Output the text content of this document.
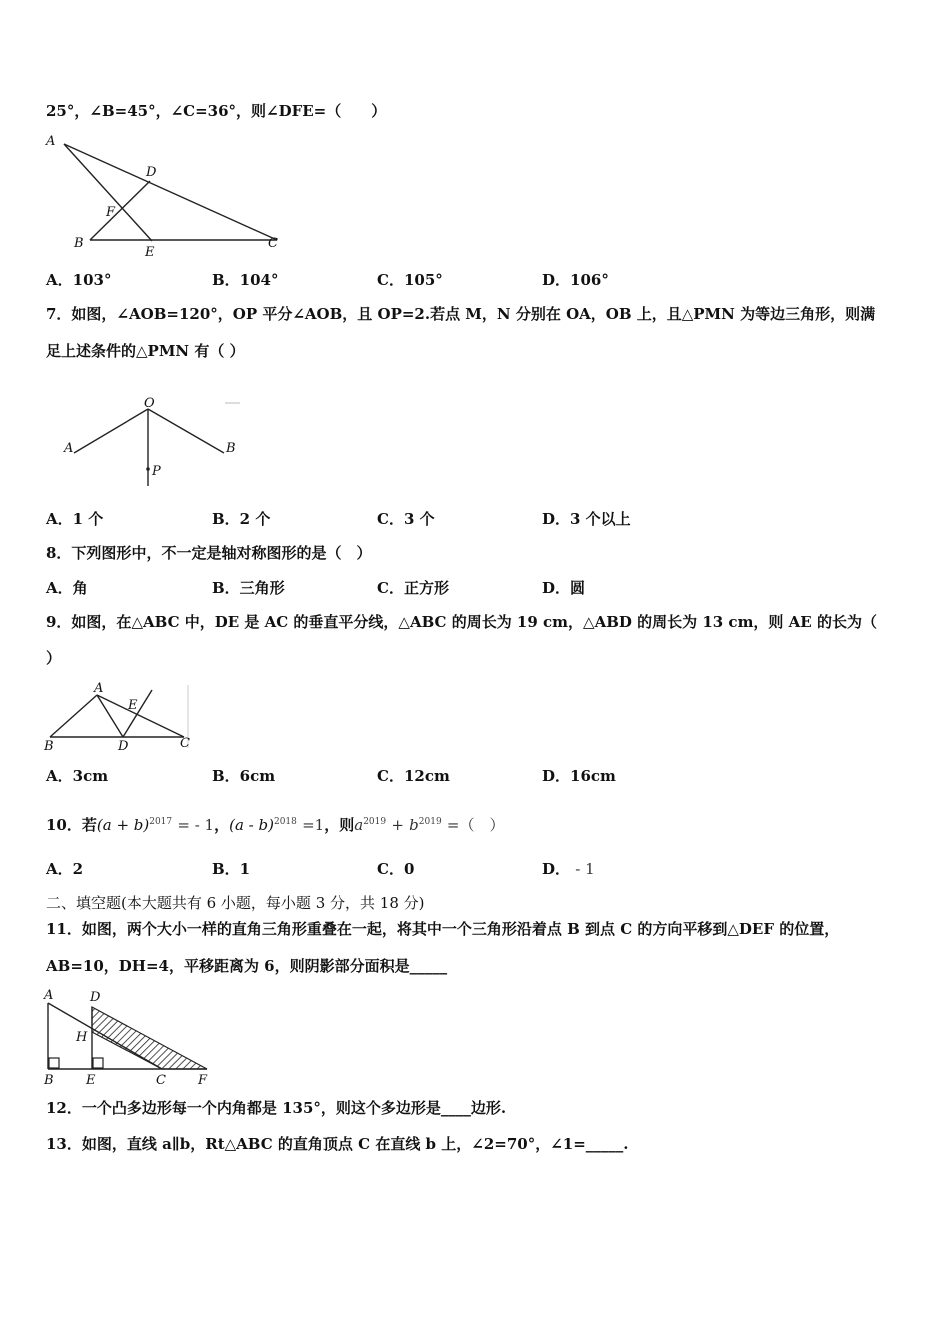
25°，∠B=45°，∠C=36°，则∠DFE=（　　）
A
D
F
B
E
C
A．103°	B．104°	C．105°	D．106°
7．如图，∠AOB=120°，OP 平分∠AOB，且 OP=2.若点 M，N 分别在 OA，OB 上，且△PMN 为等边三角形，则满
足上述条件的△PMN 有（ ）
O
A	B
P
A．1 个	B．2 个	C．3 个	D．3 个以上
8．下列图形中，不一定是轴对称图形的是（　）
A．角	B．三角形	C．正方形	D．圆
9．如图，在△ABC 中，DE 是 AC 的垂直平分线，△ABC 的周长为 19 cm，△ABD 的周长为 13 cm，则 AE 的长为（
）
A
E
B	D	C
A．3cm	B．6cm	C．12cm	D．16cm
10．若$(a + b)^{2017}$ = - 1，(a - b)$^{2018}$ =1，则$a^{2019} + b^{2019}$ =（　）
A．2	B．1	C．0	D． - 1
二、填空题(本大题共有 6 小题，每小题 3 分，共 18 分)
11．如图，两个大小一样的直角三角形重叠在一起，将其中一个三角形沿着点 B 到点 C 的方向平移到△DEF 的位置，
AB=10，DH=4，平移距离为 6，则阴影部分面积是_____
A	D
H
B E	C F
12．一个凸多边形每一个内角都是 135°，则这个多边形是____边形.
13．如图，直线 a∥b，Rt△ABC 的直角顶点 C 在直线 b 上，∠2=70°，∠1=_____.
